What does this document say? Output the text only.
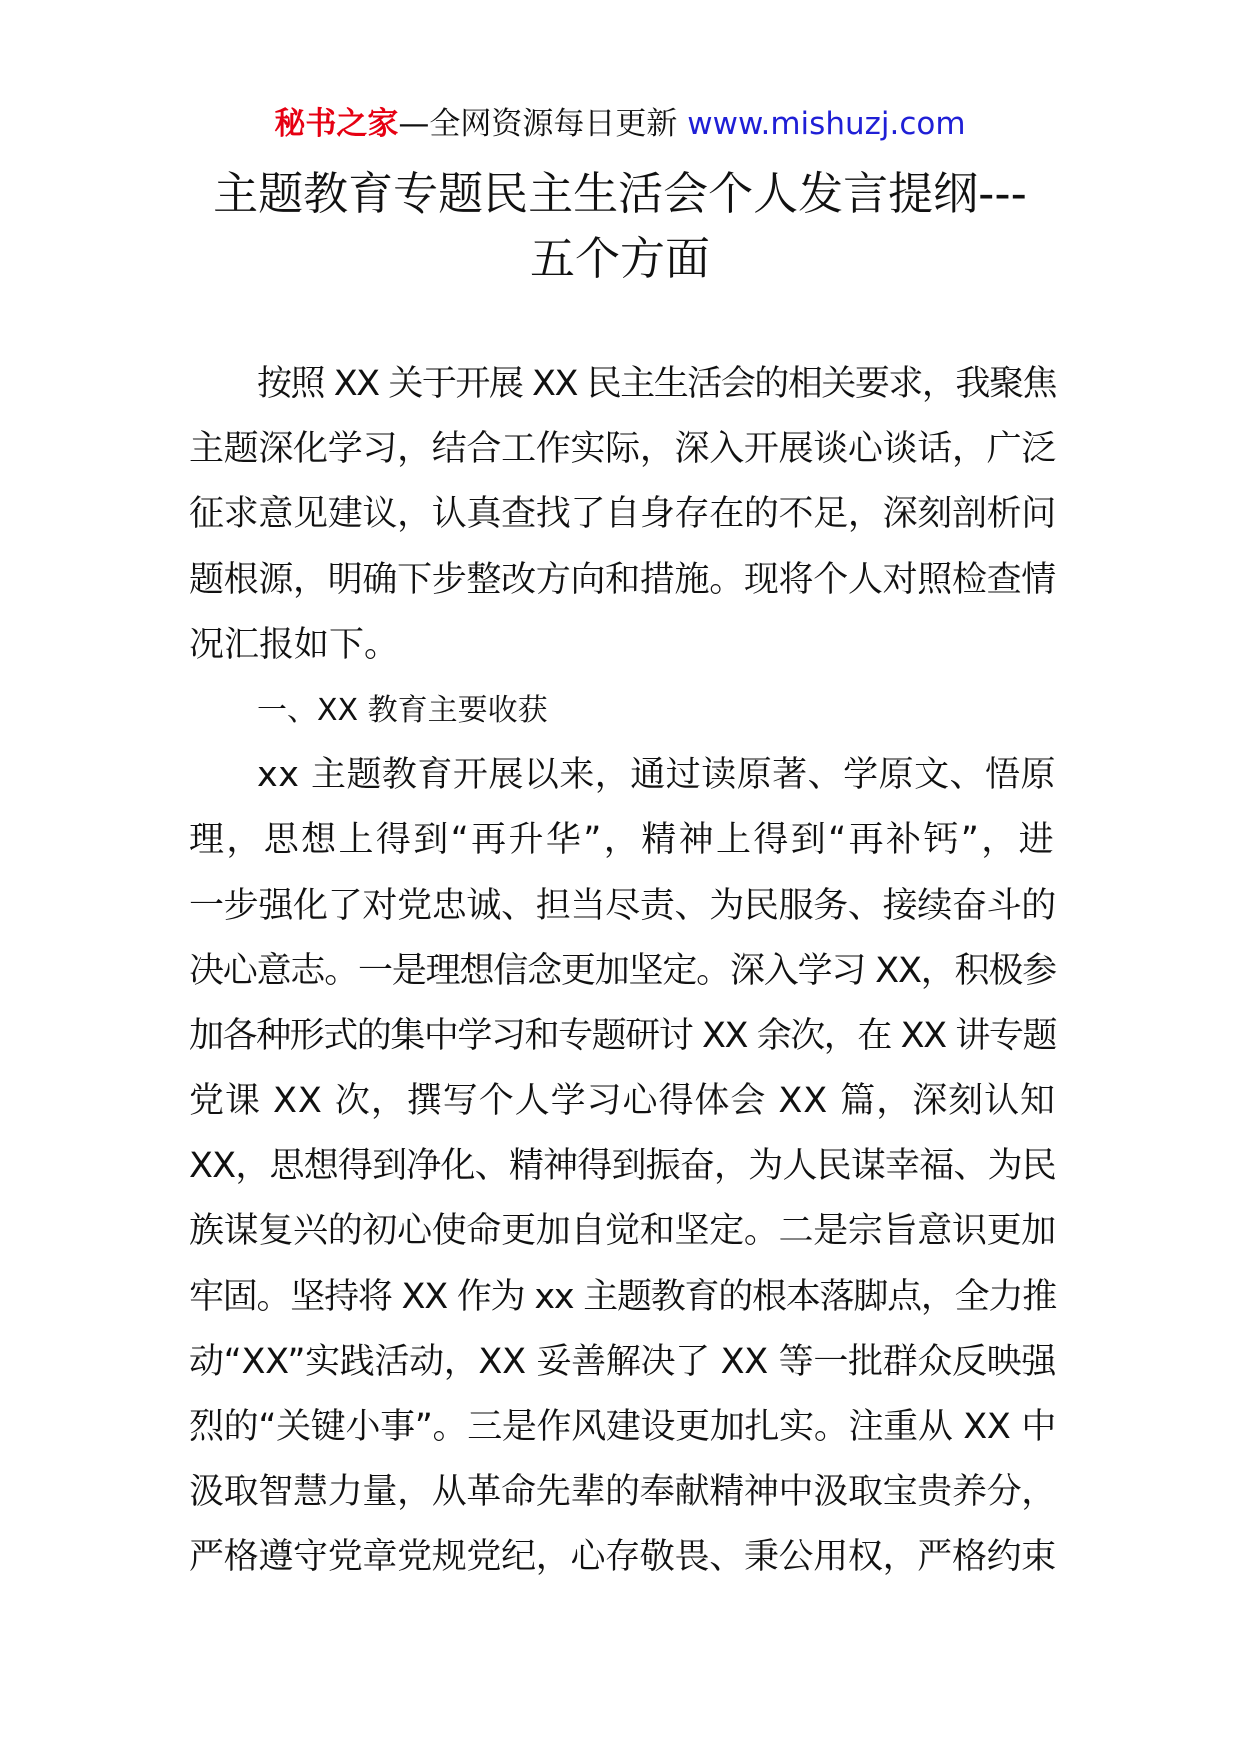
秘书之家—全网资源每日更新 www.mishuzj.com
主题教育专题民主生活会个人发言提纲---
五个方面
按照 XX 关于开展 XX 民主生活会的相关要求，我聚焦
主题深化学习，结合工作实际，深入开展谈心谈话，广泛
征求意见建议，认真查找了自身存在的不足，深刻剖析问
题根源，明确下步整改方向和措施。现将个人对照检查情
况汇报如下。
一、XX 教育主要收获
xx 主题教育开展以来，通过读原著、学原文、悟原
理，思想上得到“再升华”，精神上得到“再补钙”，进
一步强化了对党忠诚、担当尽责、为民服务、接续奋斗的
决心意志。一是理想信念更加坚定。深入学习 XX，积极参
加各种形式的集中学习和专题研讨 XX 余次，在 XX 讲专题
党课 XX 次，撰写个人学习心得体会 XX 篇，深刻认知
XX，思想得到净化、精神得到振奋，为人民谋幸福、为民
族谋复兴的初心使命更加自觉和坚定。二是宗旨意识更加
牢固。坚持将 XX 作为 xx 主题教育的根本落脚点，全力推
动“XX”实践活动，XX 妥善解决了 XX 等一批群众反映强
烈的“关键小事”。三是作风建设更加扎实。注重从 XX 中
汲取智慧力量，从革命先辈的奉献精神中汲取宝贵养分，
严格遵守党章党规党纪，心存敬畏、秉公用权，严格约束
